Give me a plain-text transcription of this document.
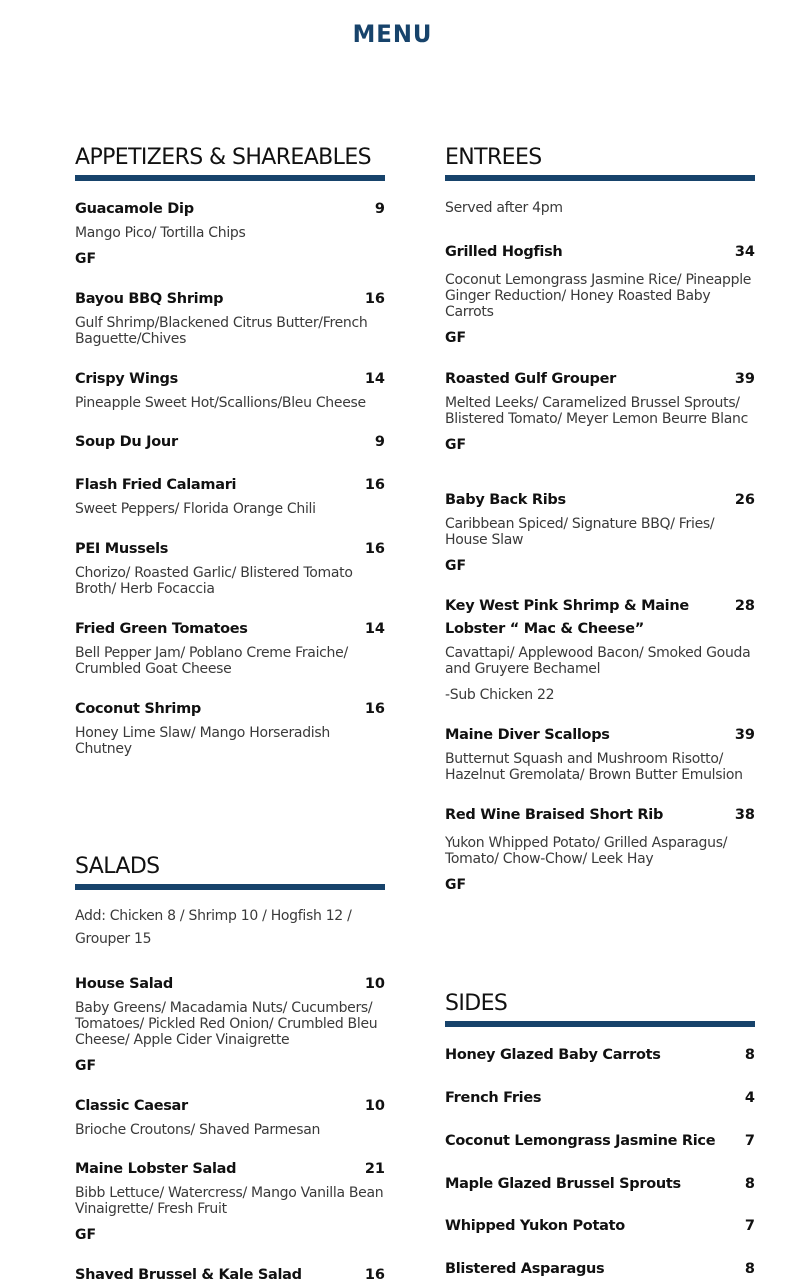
MENU
APPETIZERS & SHAREABLES
Guacamole Dip	9
Mango Pico/ Tortilla Chips
GF
Bayou BBQ Shrimp	16
Gulf Shrimp/Blackened Citrus Butter/French Baguette/Chives
Crispy Wings	14
Pineapple Sweet Hot/Scallions/Bleu Cheese
Soup Du Jour	9
Flash Fried Calamari	16
Sweet Peppers/ Florida Orange Chili
PEI Mussels	16
Chorizo/ Roasted Garlic/ Blistered Tomato Broth/ Herb Focaccia
Fried Green Tomatoes	14
Bell Pepper Jam/ Poblano Creme Fraiche/ Crumbled Goat Cheese
Coconut Shrimp	16
Honey Lime Slaw/ Mango Horseradish Chutney
SALADS
Add: Chicken 8 / Shrimp 10 / Hogfish 12 / Grouper 15
House Salad	10
Baby Greens/ Macadamia Nuts/ Cucumbers/ Tomatoes/ Pickled Red Onion/ Crumbled Bleu Cheese/ Apple Cider Vinaigrette
GF
Classic Caesar	10
Brioche Croutons/ Shaved Parmesan
Maine Lobster Salad	21
Bibb Lettuce/ Watercress/ Mango Vanilla Bean Vinaigrette/ Fresh Fruit
GF
Shaved Brussel & Kale Salad	16
ENTREES
Served after 4pm
Grilled Hogfish	34
Coconut Lemongrass Jasmine Rice/ Pineapple Ginger Reduction/ Honey Roasted Baby Carrots
GF
Roasted Gulf Grouper	39
Melted Leeks/ Caramelized Brussel Sprouts/ Blistered Tomato/ Meyer Lemon Beurre Blanc
GF
Baby Back Ribs	26
Caribbean Spiced/ Signature BBQ/ Fries/ House Slaw
GF
Key West Pink Shrimp & Maine Lobster “ Mac & Cheese”
28
Cavattapi/ Applewood Bacon/ Smoked Gouda and Gruyere Bechamel
-Sub Chicken 22
Maine Diver Scallops	39
Butternut Squash and Mushroom Risotto/ Hazelnut Gremolata/ Brown Butter Emulsion
Red Wine Braised Short Rib	38
Yukon Whipped Potato/ Grilled Asparagus/ Tomato/ Chow-Chow/ Leek Hay
GF
SIDES
Honey Glazed Baby Carrots	8
French Fries	4
Coconut Lemongrass Jasmine Rice 7
Maple Glazed Brussel Sprouts	8
Whipped Yukon Potato	7
Blistered Asparagus	8
